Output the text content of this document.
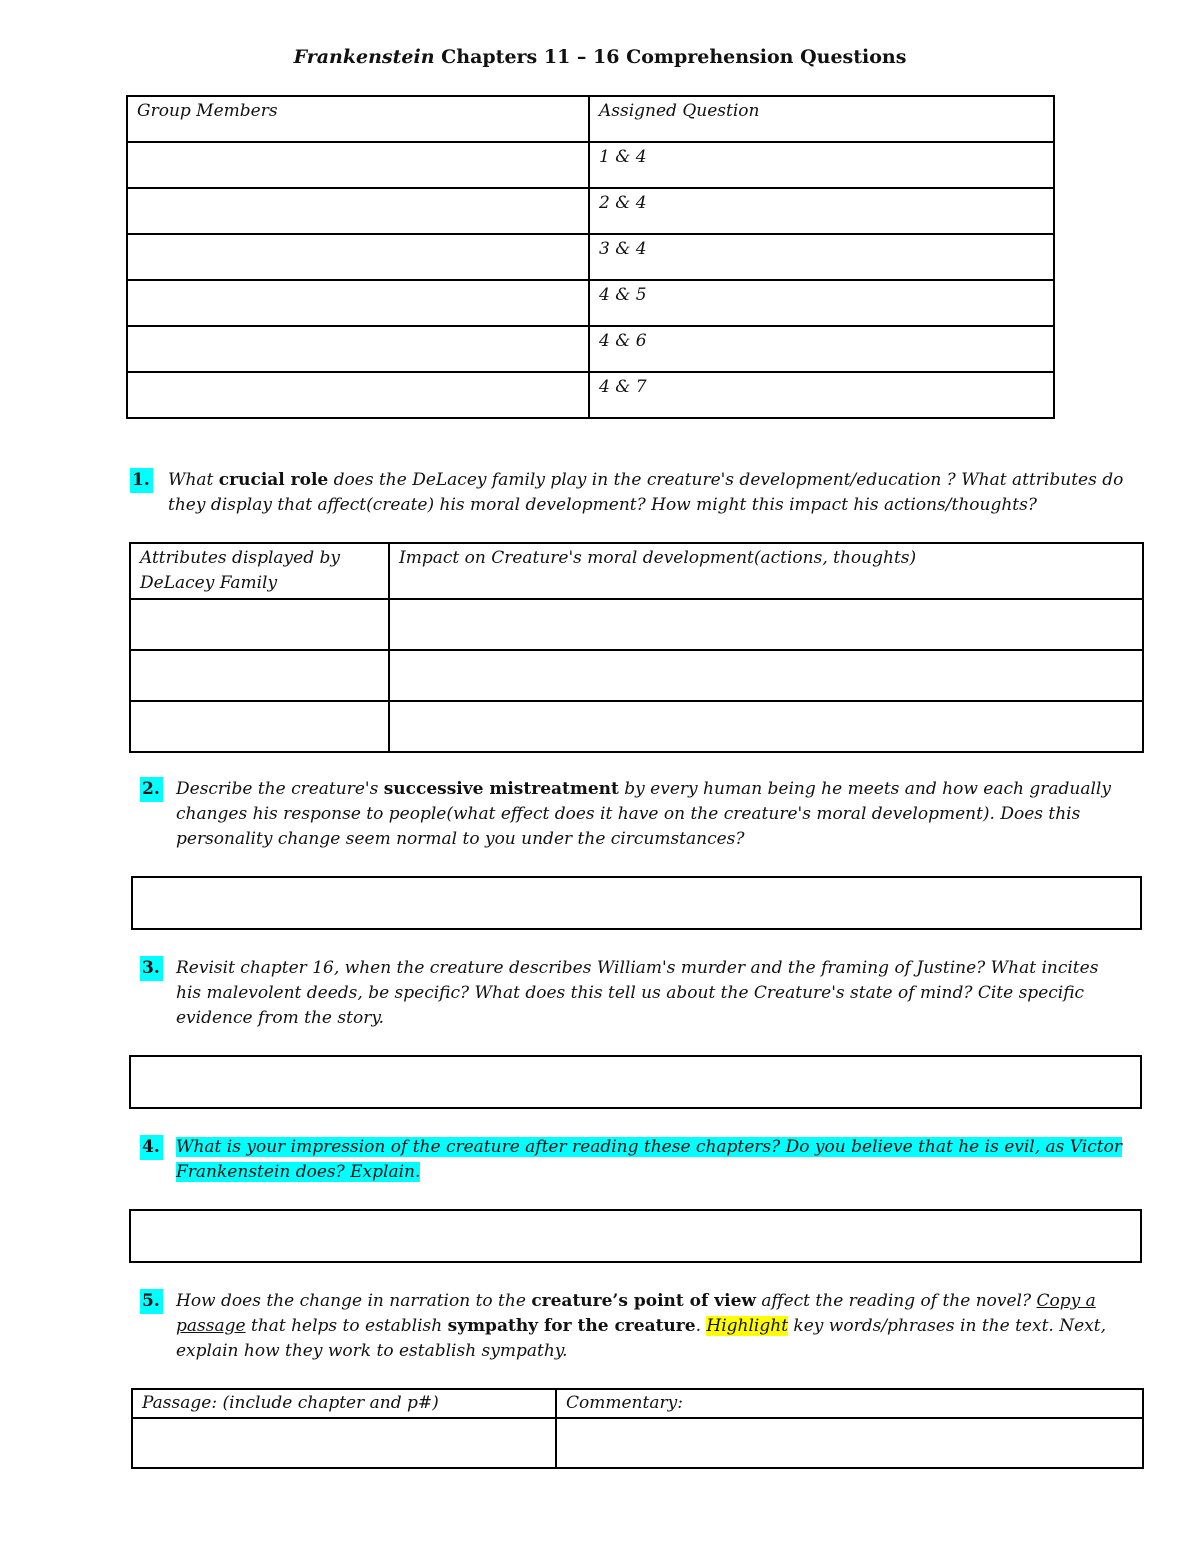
Frankenstein Chapters 11 – 16 Comprehension Questions
Group Members	Assigned Question
	1 & 4
	2 & 4
	3 & 4
	4 & 5
	4 & 6
	4 & 7
1. What crucial role does the DeLacey family play in the creature's development/education ? What attributes do they display that affect(create) his moral development? How might this impact his actions/thoughts?
Attributes displayed by DeLacey Family	Impact on Creature's moral development(actions, thoughts)

2. Describe the creature's successive mistreatment by every human being he meets and how each gradually changes his response to people(what effect does it have on the creature's moral development). Does this personality change seem normal to you under the circumstances?
3. Revisit chapter 16, when the creature describes William's murder and the framing of Justine? What incites his malevolent deeds, be specific? What does this tell us about the Creature's state of mind? Cite specific evidence from the story.
4. What is your impression of the creature after reading these chapters? Do you believe that he is evil, as Victor Frankenstein does? Explain.
5. How does the change in narration to the creature’s point of view affect the reading of the novel? Copy a passage that helps to establish sympathy for the creature. Highlight key words/phrases in the text. Next, explain how they work to establish sympathy.
Passage: (include chapter and p#)	Commentary:
